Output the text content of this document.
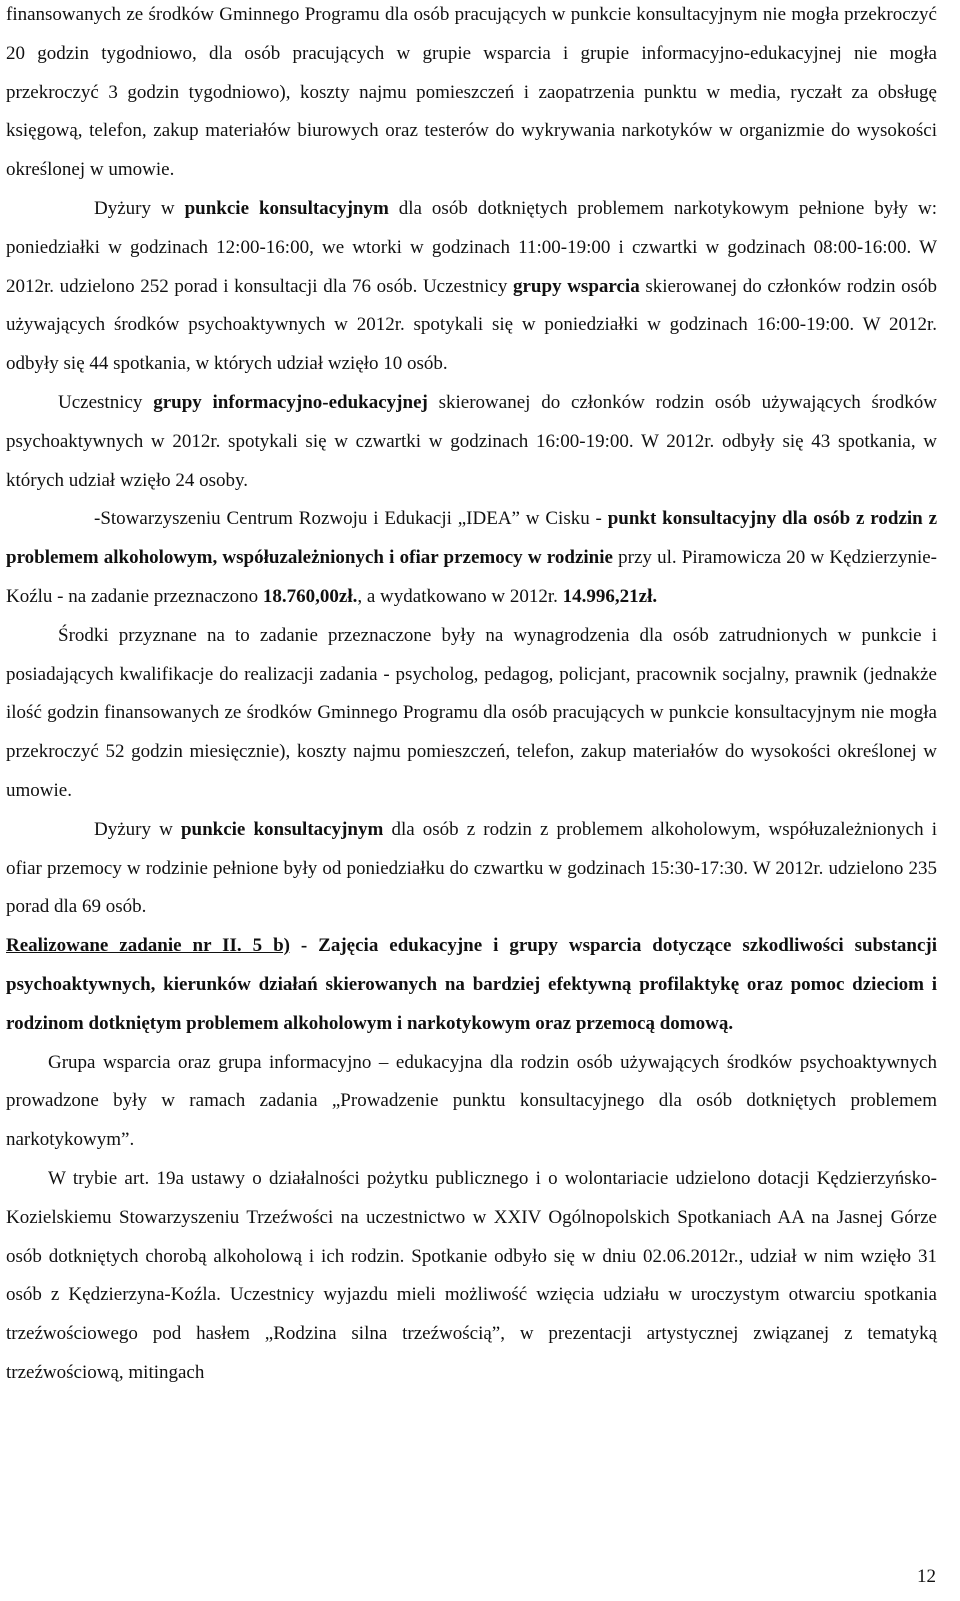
finansowanych ze środków Gminnego Programu dla osób pracujących w punkcie konsultacyjnym nie mogła przekroczyć 20 godzin tygodniowo, dla osób pracujących w grupie wsparcia i grupie informacyjno-edukacyjnej nie mogła przekroczyć 3 godzin tygodniowo), koszty najmu pomieszczeń i zaopatrzenia punktu w media, ryczałt za obsługę księgową, telefon, zakup materiałów biurowych oraz testerów do wykrywania narkotyków w organizmie do wysokości określonej w umowie.

Dyżury w punkcie konsultacyjnym dla osób dotkniętych problemem narkotykowym pełnione były w: poniedziałki w godzinach 12:00-16:00, we wtorki w godzinach 11:00-19:00 i czwartki w godzinach 08:00-16:00. W 2012r. udzielono 252 porad i konsultacji dla 76 osób. Uczestnicy grupy wsparcia skierowanej do członków rodzin osób używających środków psychoaktywnych w 2012r. spotykali się w poniedziałki w godzinach 16:00-19:00. W 2012r. odbyły się 44 spotkania, w których udział wzięło 10 osób.

Uczestnicy grupy informacyjno-edukacyjnej skierowanej do członków rodzin osób używających środków psychoaktywnych w 2012r. spotykali się w czwartki w godzinach 16:00-19:00. W 2012r. odbyły się 43 spotkania, w których udział wzięło 24 osoby.

-Stowarzyszeniu Centrum Rozwoju i Edukacji „IDEA” w Cisku - punkt konsultacyjny dla osób z rodzin z problemem alkoholowym, współuzależnionych i ofiar przemocy w rodzinie przy ul. Piramowicza 20 w Kędzierzynie-Koźlu - na zadanie przeznaczono 18.760,00zł., a wydatkowano w 2012r. 14.996,21zł.

Środki przyznane na to zadanie przeznaczone były na wynagrodzenia dla osób zatrudnionych w punkcie i posiadających kwalifikacje do realizacji zadania - psycholog, pedagog, policjant, pracownik socjalny, prawnik (jednakże ilość godzin finansowanych ze środków Gminnego Programu dla osób pracujących w punkcie konsultacyjnym nie mogła przekroczyć 52 godzin miesięcznie), koszty najmu pomieszczeń, telefon, zakup materiałów do wysokości określonej w umowie.

Dyżury w punkcie konsultacyjnym dla osób z rodzin z problemem alkoholowym, współuzależnionych i ofiar przemocy w rodzinie pełnione były od poniedziałku do czwartku w godzinach 15:30-17:30. W 2012r. udzielono 235 porad dla 69 osób.

Realizowane zadanie nr II. 5 b) - Zajęcia edukacyjne i grupy wsparcia dotyczące szkodliwości substancji psychoaktywnych, kierunków działań skierowanych na bardziej efektywną profilaktykę oraz pomoc dzieciom i rodzinom dotkniętym problemem alkoholowym i narkotykowym oraz przemocą domową.

Grupa wsparcia oraz grupa informacyjno – edukacyjna dla rodzin osób używających środków psychoaktywnych prowadzone były w ramach zadania „Prowadzenie punktu konsultacyjnego dla osób dotkniętych problemem narkotykowym”.

W trybie art. 19a ustawy o działalności pożytku publicznego i o wolontariacie udzielono dotacji Kędzierzyńsko-Kozielskiemu Stowarzyszeniu Trzeźwości na uczestnictwo w XXIV Ogólnopolskich Spotkaniach AA na Jasnej Górze osób dotkniętych chorobą alkoholową i ich rodzin. Spotkanie odbyło się w dniu 02.06.2012r., udział w nim wzięło 31 osób z Kędzierzyna-Koźla. Uczestnicy wyjazdu mieli możliwość wzięcia udziału w uroczystym otwarciu spotkania trzeźwościowego pod hasłem „Rodzina silna trzeźwością”, w prezentacji artystycznej związanej z tematyką trzeźwościową, mitingach

12
